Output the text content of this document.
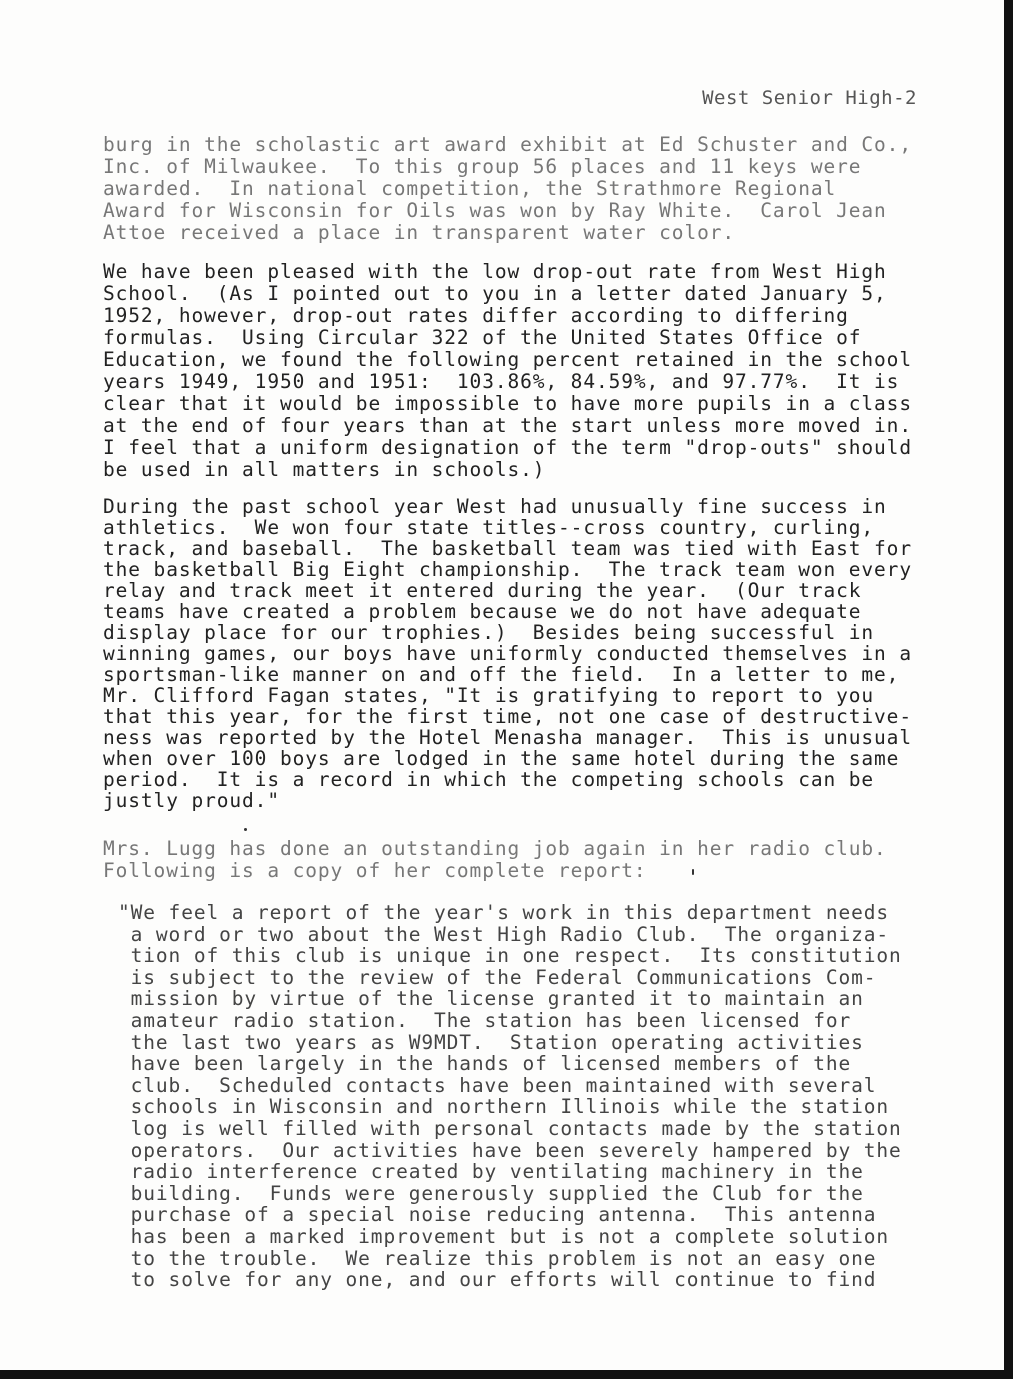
West Senior High-2
burg in the scholastic art award exhibit at Ed Schuster and Co.,
Inc. of Milwaukee.  To this group 56 places and 11 keys were
awarded.  In national competition, the Strathmore Regional
Award for Wisconsin for Oils was won by Ray White.  Carol Jean
Attoe received a place in transparent water color.
We have been pleased with the low drop-out rate from West High
School.  (As I pointed out to you in a letter dated January 5,
1952, however, drop-out rates differ according to differing
formulas.  Using Circular 322 of the United States Office of
Education, we found the following percent retained in the school
years 1949, 1950 and 1951:  103.86%, 84.59%, and 97.77%.  It is
clear that it would be impossible to have more pupils in a class
at the end of four years than at the start unless more moved in.
I feel that a uniform designation of the term "drop-outs" should
be used in all matters in schools.)
During the past school year West had unusually fine success in
athletics.  We won four state titles--cross country, curling,
track, and baseball.  The basketball team was tied with East for
the basketball Big Eight championship.  The track team won every
relay and track meet it entered during the year.  (Our track
teams have created a problem because we do not have adequate
display place for our trophies.)  Besides being successful in
winning games, our boys have uniformly conducted themselves in a
sportsman-like manner on and off the field.  In a letter to me,
Mr. Clifford Fagan states, "It is gratifying to report to you
that this year, for the first time, not one case of destructive-
ness was reported by the Hotel Menasha manager.  This is unusual
when over 100 boys are lodged in the same hotel during the same
period.  It is a record in which the competing schools can be
justly proud."
Mrs. Lugg has done an outstanding job again in her radio club.
Following is a copy of her complete report:
"We feel a report of the year's work in this department needs
a word or two about the West High Radio Club.  The organiza-
tion of this club is unique in one respect.  Its constitution
is subject to the review of the Federal Communications Com-
mission by virtue of the license granted it to maintain an
amateur radio station.  The station has been licensed for
the last two years as W9MDT.  Station operating activities
have been largely in the hands of licensed members of the
club.  Scheduled contacts have been maintained with several
schools in Wisconsin and northern Illinois while the station
log is well filled with personal contacts made by the station
operators.  Our activities have been severely hampered by the
radio interference created by ventilating machinery in the
building.  Funds were generously supplied the Club for the
purchase of a special noise reducing antenna.  This antenna
has been a marked improvement but is not a complete solution
to the trouble.  We realize this problem is not an easy one
to solve for any one, and our efforts will continue to find
